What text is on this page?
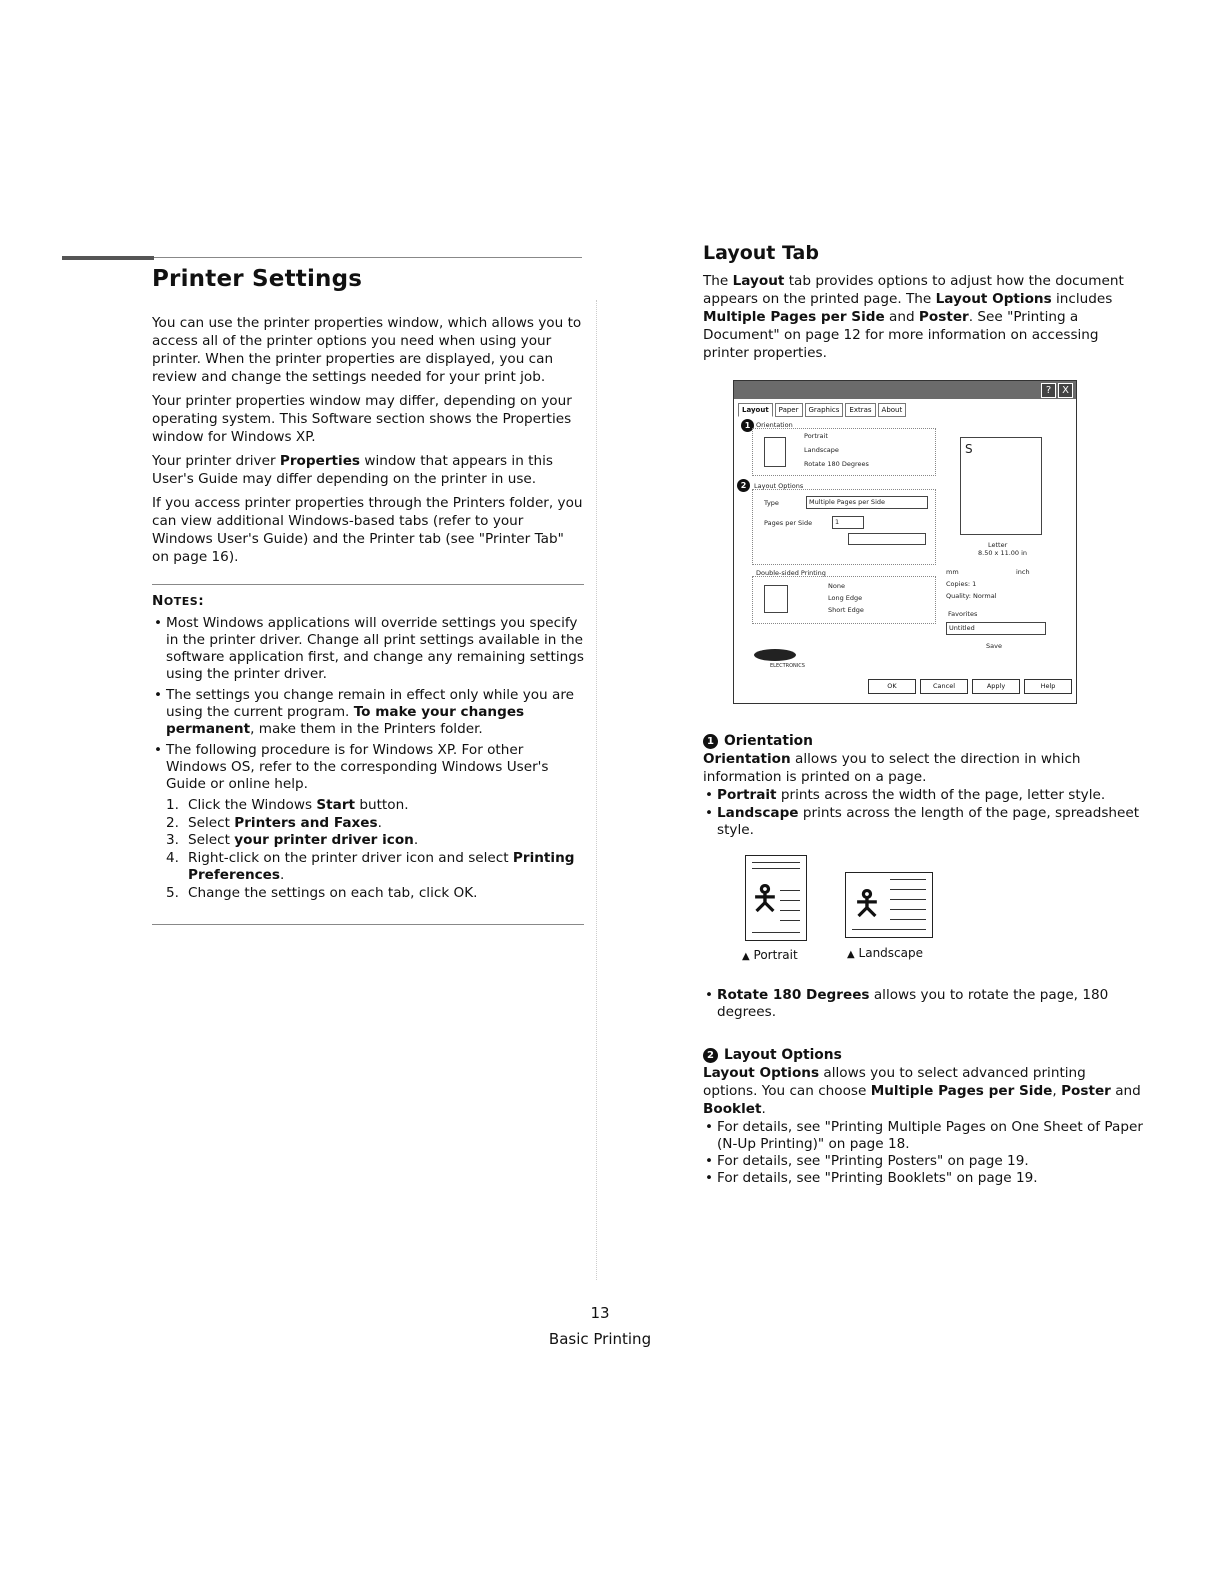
Printer Settings

You can use the printer properties window, which allows you to access all of the printer options you need when using your printer. When the printer properties are displayed, you can review and change the settings needed for your print job.

Your printer properties window may differ, depending on your operating system. This Software section shows the Properties window for Windows XP.

Your printer driver Properties window that appears in this User's Guide may differ depending on the printer in use.

If you access printer properties through the Printers folder, you can view additional Windows-based tabs (refer to your Windows User's Guide) and the Printer tab (see "Printer Tab" on page 16).

NOTES:
• Most Windows applications will override settings you specify in the printer driver. Change all print settings available in the software application first, and change any remaining settings using the printer driver.
• The settings you change remain in effect only while you are using the current program. To make your changes permanent, make them in the Printers folder.
• The following procedure is for Windows XP. For other Windows OS, refer to the corresponding Windows User's Guide or online help.
1. Click the Windows Start button.
2. Select Printers and Faxes.
3. Select your printer driver icon.
4. Right-click on the printer driver icon and select Printing Preferences.
5. Change the settings on each tab, click OK.
Layout Tab

The Layout tab provides options to adjust how the document appears on the printed page. The Layout Options includes Multiple Pages per Side and Poster. See "Printing a Document" on page 12 for more information on accessing printer properties.

?	X
Layout	Paper	Graphics	Extras	About
1 Orientation
Portrait
Landscape
Rotate 180 Degrees
2	Layout Options
Type	Multiple Pages per Side
Pages per Side	1
Double-sided Printing
None
Long Edge
Short Edge
S
Letter
8.50 x 11.00 in
mm	inch
Copies: 1
Quality: Normal
Favorites
Untitled
Save
ELECTRONICS
OK	Cancel	Apply	Help
1 Orientation

Orientation allows you to select the direction in which information is printed on a page.

• Portrait prints across the width of the page, letter style.
• Landscape prints across the length of the page, spreadsheet style.
🯅
▲ Portrait
🯅
▲ Landscape
• Rotate 180 Degrees allows you to rotate the page, 180 degrees.
2 Layout Options

Layout Options allows you to select advanced printing options. You can choose Multiple Pages per Side, Poster and Booklet.

• For details, see "Printing Multiple Pages on One Sheet of Paper (N-Up Printing)" on page 18.
• For details, see "Printing Posters" on page 19.
• For details, see "Printing Booklets" on page 19.
13
Basic Printing
